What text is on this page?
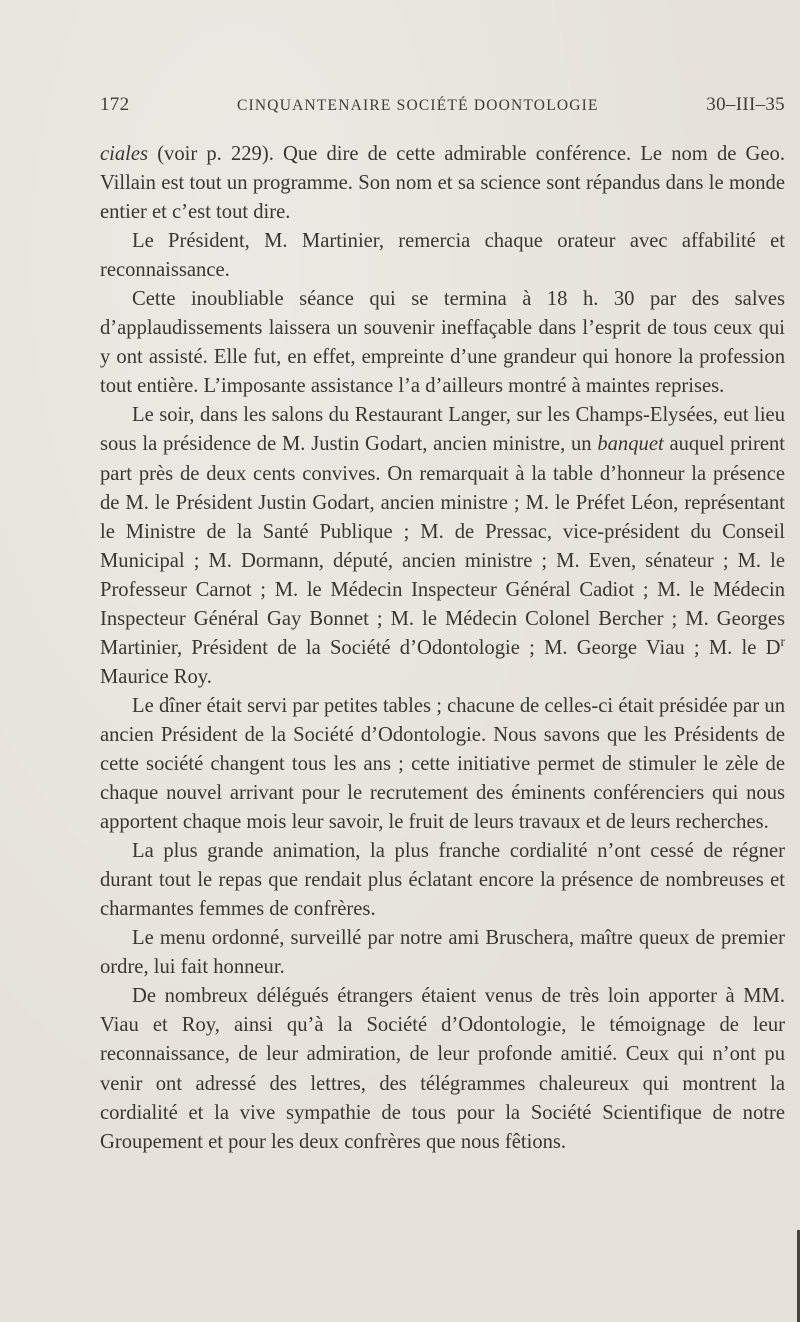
172	CINQUANTENAIRE SOCIÉTÉ DOONTOLOGIE	30–III–35

ciales (voir p. 229). Que dire de cette admirable conférence. Le nom de Geo. Villain est tout un programme. Son nom et sa science sont répandus dans le monde entier et c’est tout dire.

Le Président, M. Martinier, remercia chaque orateur avec affabilité et reconnaissance.

Cette inoubliable séance qui se termina à 18 h. 30 par des salves d’applaudissements laissera un souvenir ineffaçable dans l’esprit de tous ceux qui y ont assisté. Elle fut, en effet, empreinte d’une grandeur qui honore la profession tout entière. L’imposante assistance l’a d’ailleurs montré à maintes reprises.

Le soir, dans les salons du Restaurant Langer, sur les Champs-Elysées, eut lieu sous la présidence de M. Justin Godart, ancien ministre, un banquet auquel prirent part près de deux cents convives. On remarquait à la table d’honneur la présence de M. le Président Justin Godart, ancien ministre ; M. le Préfet Léon, représentant le Ministre de la Santé Publique ; M. de Pressac, vice-président du Conseil Municipal ; M. Dormann, député, ancien ministre ; M. Even, sénateur ; M. le Professeur Carnot ; M. le Médecin Inspecteur Général Cadiot ; M. le Médecin Inspecteur Général Gay Bonnet ; M. le Médecin Colonel Bercher ; M. Georges Martinier, Président de la Société d’Odontologie ; M. George Viau ; M. le $D^r$ Maurice Roy.

Le dîner était servi par petites tables ; chacune de celles-ci était présidée par un ancien Président de la Société d’Odontologie. Nous savons que les Présidents de cette société changent tous les ans ; cette initiative permet de stimuler le zèle de chaque nouvel arrivant pour le recrutement des éminents conférenciers qui nous apportent chaque mois leur savoir, le fruit de leurs travaux et de leurs recherches.

La plus grande animation, la plus franche cordialité n’ont cessé de régner durant tout le repas que rendait plus éclatant encore la présence de nombreuses et charmantes femmes de confrères.

Le menu ordonné, surveillé par notre ami Bruschera, maître queux de premier ordre, lui fait honneur.

De nombreux délégués étrangers étaient venus de très loin apporter à MM. Viau et Roy, ainsi qu’à la Société d’Odontologie, le témoignage de leur reconnaissance, de leur admiration, de leur profonde amitié. Ceux qui n’ont pu venir ont adressé des lettres, des télégrammes chaleureux qui montrent la cordialité et la vive sympathie de tous pour la Société Scientifique de notre Groupement et pour les deux confrères que nous fêtions.
